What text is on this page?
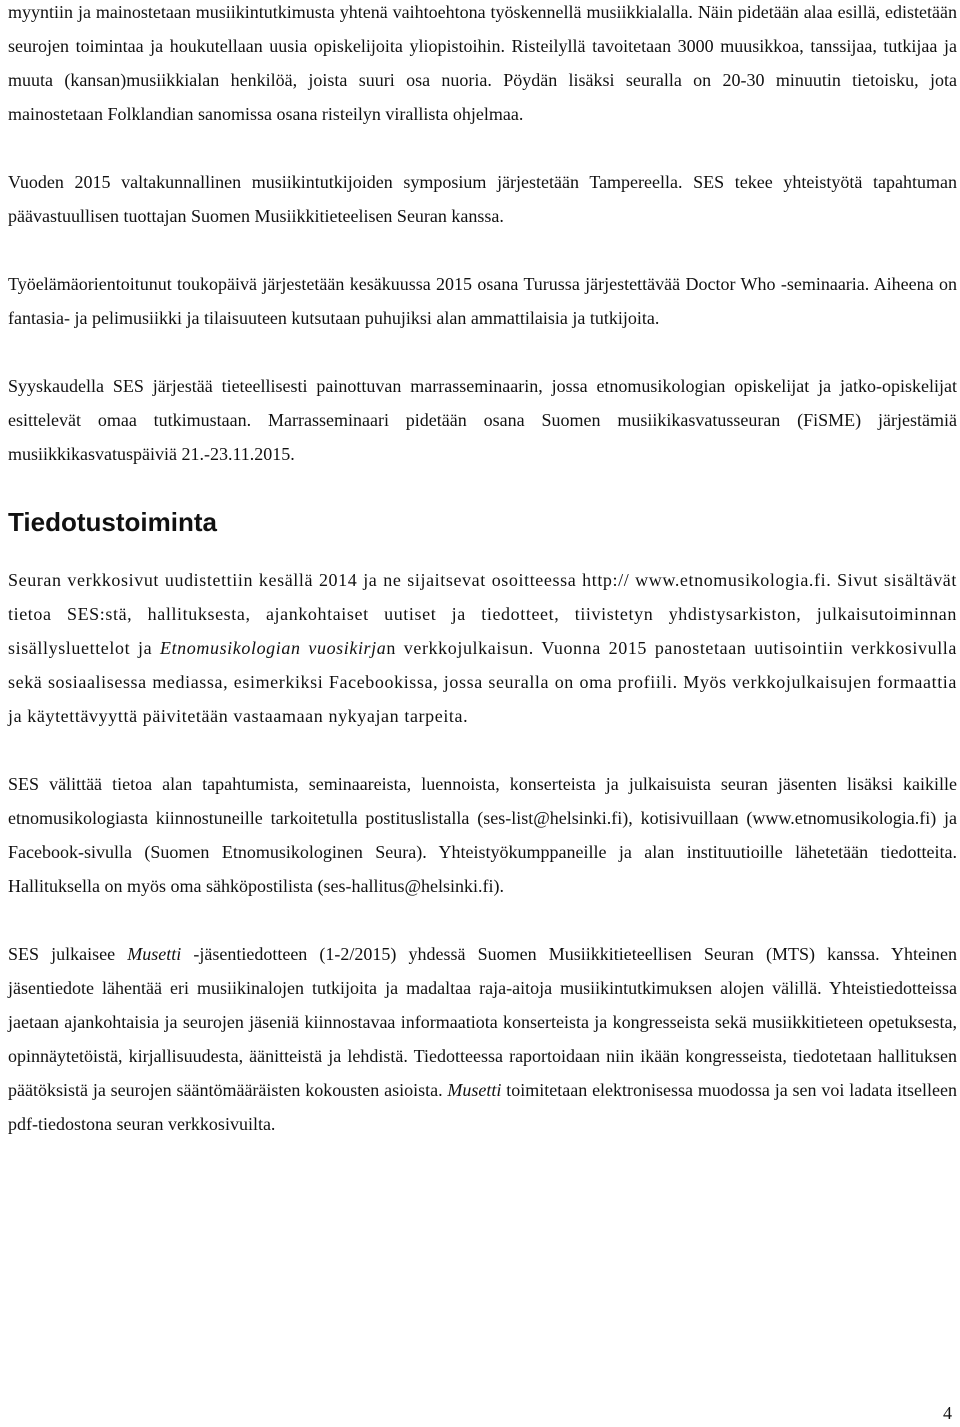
myyntiin ja mainostetaan musiikintutkimusta yhtenä vaihtoehtona työskennellä musiikkialalla. Näin pidetään alaa esillä, edistetään seurojen toimintaa ja houkutellaan uusia opiskelijoita yliopistoihin. Risteilyllä tavoitetaan 3000 muusikkoa, tanssijaa, tutkijaa ja muuta (kansan)musiikkialan henkilöä, joista suuri osa nuoria. Pöydän lisäksi seuralla on 20-30 minuutin tietoisku, jota mainostetaan Folklandian sanomissa osana risteilyn virallista ohjelmaa.

Vuoden 2015 valtakunnallinen musiikintutkijoiden symposium järjestetään Tampereella. SES tekee yhteistyötä tapahtuman päävastuullisen tuottajan Suomen Musiikkitieteelisen Seuran kanssa.

Työelämäorientoitunut toukopäivä järjestetään kesäkuussa 2015 osana Turussa järjestettävää Doctor Who -seminaaria. Aiheena on fantasia- ja pelimusiikki ja tilaisuuteen kutsutaan puhujiksi alan ammattilaisia ja tutkijoita.

Syyskaudella SES järjestää tieteellisesti painottuvan marrasseminaarin, jossa etnomusikologian opiskelijat ja jatko-opiskelijat esittelevät omaa tutkimustaan. Marrasseminaari pidetään osana Suomen musiikikasvatusseuran (FiSME) järjestämiä musiikkikasvatuspäiviä 21.-23.11.2015.

Tiedotustoiminta

Seuran verkkosivut uudistettiin kesällä 2014 ja ne sijaitsevat osoitteessa http:// www.etnomusikologia.fi. Sivut sisältävät tietoa SES:stä, hallituksesta, ajankohtaiset uutiset ja tiedotteet, tiivistetyn yhdistysarkiston, julkaisutoiminnan sisällysluettelot ja Etnomusikologian vuosikirjan verkkojulkaisun. Vuonna 2015 panostetaan uutisointiin verkkosivulla sekä sosiaalisessa mediassa, esimerkiksi Facebookissa, jossa seuralla on oma profiili. Myös verkkojulkaisujen formaattia ja käytettävyyttä päivitetään vastaamaan nykyajan tarpeita.

SES välittää tietoa alan tapahtumista, seminaareista, luennoista, konserteista ja julkaisuista seuran jäsenten lisäksi kaikille etnomusikologiasta kiinnostuneille tarkoitetulla postituslistalla (ses-list@helsinki.fi), kotisivuillaan (www.etnomusikologia.fi) ja Facebook-sivulla (Suomen Etnomusikologinen Seura). Yhteistyökumppaneille ja alan instituutioille lähetetään tiedotteita. Hallituksella on myös oma sähköpostilista (ses-hallitus@helsinki.fi).

SES julkaisee Musetti -jäsentiedotteen (1-2/2015) yhdessä Suomen Musiikkitieteellisen Seuran (MTS) kanssa. Yhteinen jäsentiedote lähentää eri musiikinalojen tutkijoita ja madaltaa raja-aitoja musiikintutkimuksen alojen välillä. Yhteistiedotteissa jaetaan ajankohtaisia ja seurojen jäseniä kiinnostavaa informaatiota konserteista ja kongresseista sekä musiikkitieteen opetuksesta, opinnäytetöistä, kirjallisuudesta, äänitteistä ja lehdistä. Tiedotteessa raportoidaan niin ikään kongresseista, tiedotetaan hallituksen päätöksistä ja seurojen sääntömääräisten kokousten asioista. Musetti toimitetaan elektronisessa muodossa ja sen voi ladata itselleen pdf-tiedostona seuran verkkosivuilta.

4
